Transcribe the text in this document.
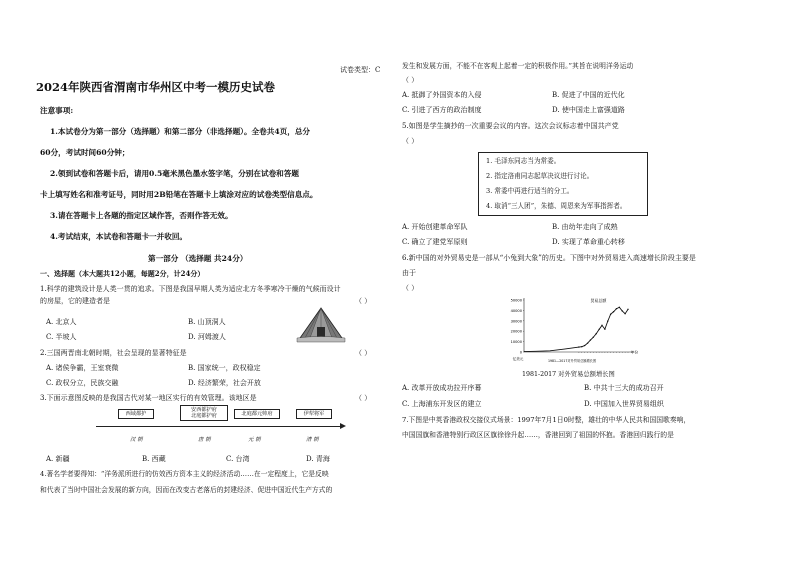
试卷类型：C
2024年陕西省渭南市华州区中考一模历史试卷
注意事项:
1.本试卷分为第一部分（选择题）和第二部分（非选择题）。全卷共4页，总分
60分，考试时间60分钟；
2.领到试卷和答题卡后，请用0.5毫米黑色墨水签字笔，分别在试卷和答题
卡上填写姓名和准考证号，同时用2B铅笔在答题卡上填涂对应的试卷类型信息点。
3.请在答题卡上各题的指定区域作答，否则作答无效。
4.考试结束，本试卷和答题卡一并收回。
第一部分 （选择题 共24分）
一、选择题（本大题共12小题，每题2分，计24分）
1.科学的建筑设计是人类一贯的追求。下图是我国早期人类为适应北方冬季寒冷干燥的气候而设计
的房屋，它的建造者是	（ ）
A. 北京人	B. 山顶洞人
C. 半坡人	D. 河姆渡人
2.三国两晋南北朝时期，社会呈现的显著特征是	（ ）
A. 诸侯争霸，王室衰微	B. 国家统一，政权稳定
C. 政权分立，民族交融	D. 经济繁荣，社会开放
3.下面示意图反映的是我国古代对某一地区实行的有效管理。该地区是	（ ）
西域都护
安西都护府
北庭都护府	北庭都元帅府	伊犁将军
汉 朝	唐 朝	元 朝	清 朝
A. 新疆	B. 西藏	C. 台湾	D. 青海
4.著名学者要得知：“洋务派所进行的仿效西方资本主义的经济活动……在一定程度上，它是反映
和代表了当时中国社会发展的新方向，因而在改变古老落后的封建经济、促进中国近代生产方式的
发生和发展方面，不能不在客观上起着一定的积极作用。”其旨在说明洋务运动
（ ）
A. 抵御了外国资本的入侵	B. 促进了中国的近代化
C. 引进了西方的政治制度	D. 使中国走上富强道路
5.如图是学生摘抄的一次重要会议的内容。这次会议标志着中国共产党
（ ）
1. 毛泽东同志当为常委。
2. 指定洛甫同志起草决议进行讨论。
3. 常委中再进行适当的分工。
4. 取消“三人团”，朱德、周恩来为军事指挥者。
A. 开始创建革命军队	B. 由幼年走向了成熟
C. 确立了建党军原则	D. 实现了革命重心转移
6.新中国的对外贸易史是一部从“小兔到大象”的历史。下图中对外贸易进入高速增长阶段主要是
由于
（ ）
0
10000
20000
30000
40000
50000
亿美元
年份
1981—2017对外贸易总额增长图
贸易总额
1981-2017 对外贸易总额增长图
A. 改革开放成功拉开序幕	B. 中共十三大的成功召开
C. 上海浦东开发区的建立	D. 中国加入世界贸易组织
7.下图是中英香港政权交接仪式场景：1997年7月1日0时整，雄壮的中华人民共和国国歌奏响，
中国国旗和香港特别行政区区旗徐徐升起……，香港回到了祖国的怀抱。香港回归践行的是
